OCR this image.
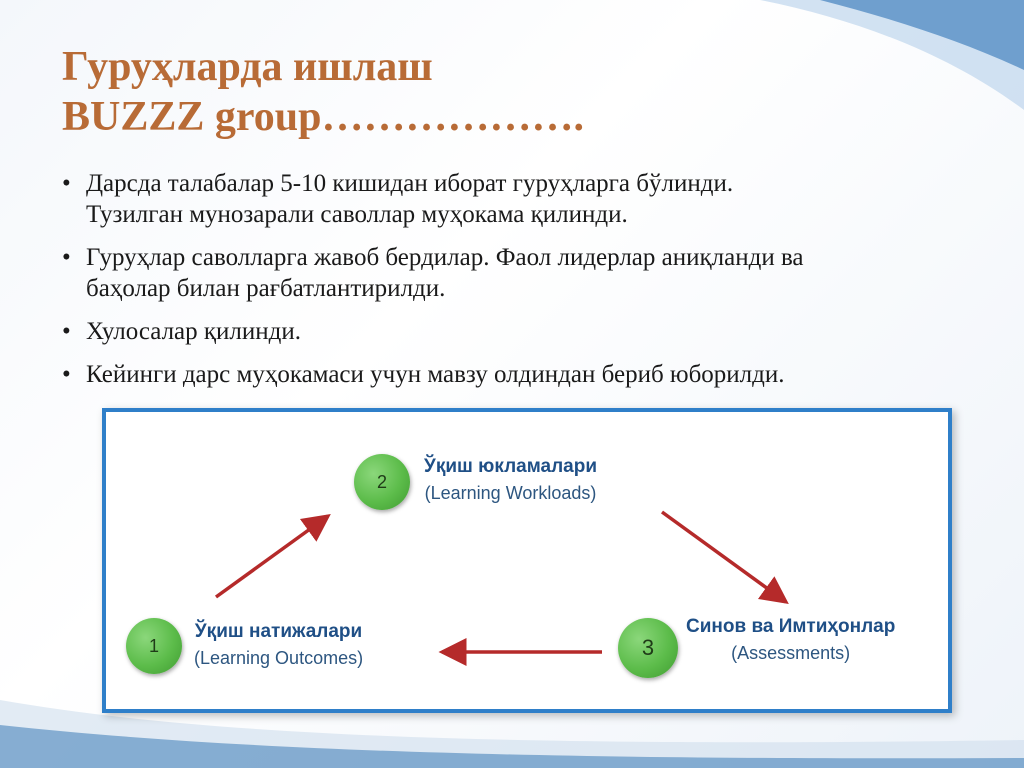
Гуруҳларда ишлаш
BUZZZ group……………….
• Дарсда талабалар 5-10 кишидан иборат гуруҳларга бўлинди.
Тузилган мунозарали саволлар муҳокама қилинди.
• Гуруҳлар саволларга жавоб бердилар. Фаол лидерлар аниқланди ва
баҳолар билан рағбатлантирилди.
• Хулосалар қилинди.
• Кейинги дарс муҳокамаси учун мавзу олдиндан бериб юборилди.
2
Ўқиш юкламалари
(Learning Workloads)
1
Ўқиш натижалари
(Learning Outcomes)	3
Синов ва Имтиҳонлар
(Assessments)
